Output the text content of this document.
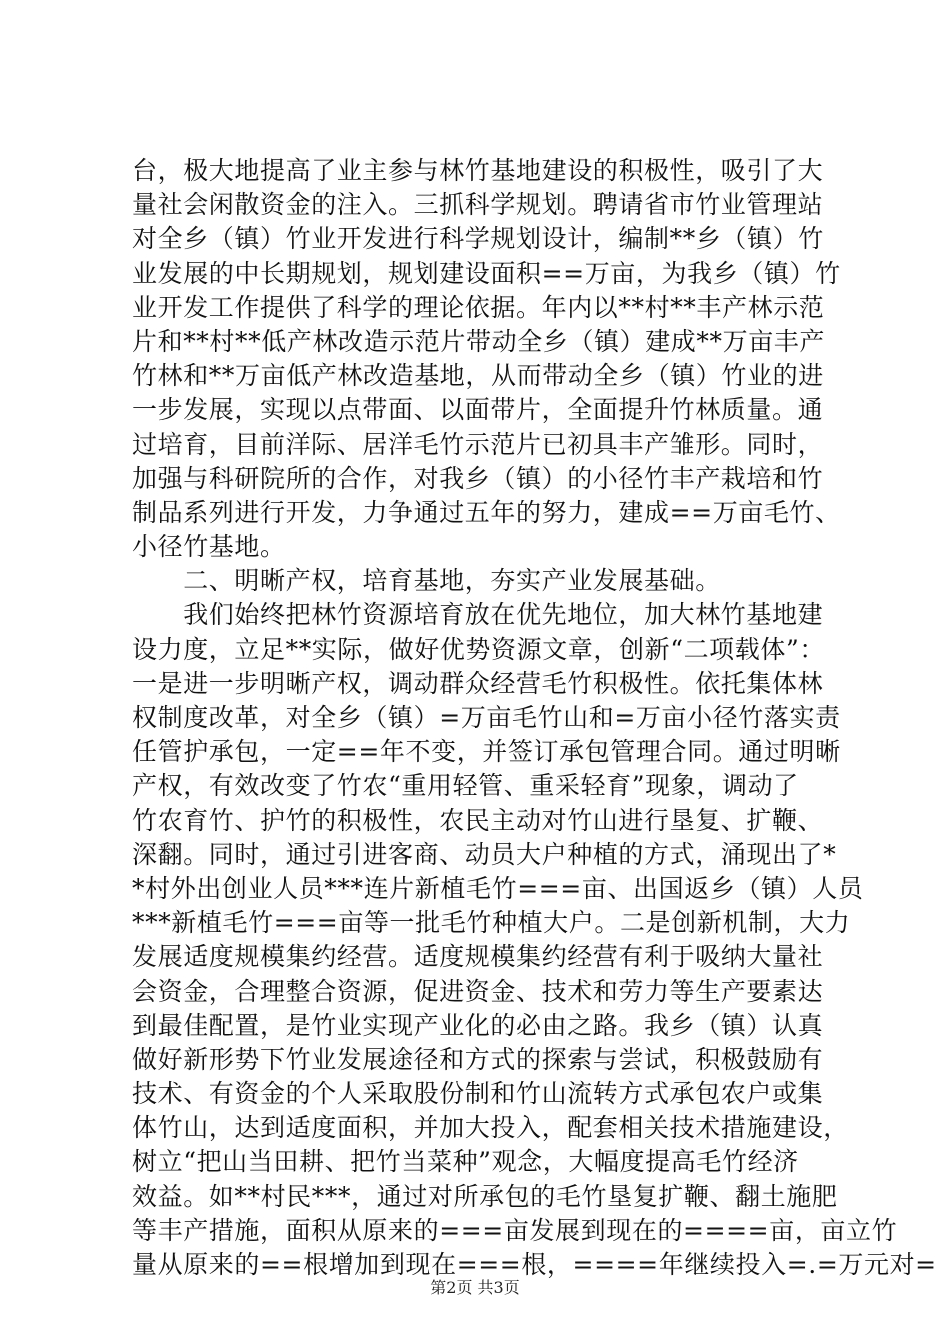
台，极大地提高了业主参与林竹基地建设的积极性，吸引了大
量社会闲散资金的注入。三抓科学规划。聘请省市竹业管理站
对全乡（镇）竹业开发进行科学规划设计，编制**乡（镇）竹
业发展的中长期规划，规划建设面积==万亩，为我乡（镇）竹
业开发工作提供了科学的理论依据。年内以**村**丰产林示范
片和**村**低产林改造示范片带动全乡（镇）建成**万亩丰产
竹林和**万亩低产林改造基地，从而带动全乡（镇）竹业的进
一步发展，实现以点带面、以面带片，全面提升竹林质量。通
过培育，目前洋际、居洋毛竹示范片已初具丰产雏形。同时，
加强与科研院所的合作，对我乡（镇）的小径竹丰产栽培和竹
制品系列进行开发，力争通过五年的努力，建成==万亩毛竹、
小径竹基地。
　　二、明晰产权，培育基地，夯实产业发展基础。
　　我们始终把林竹资源培育放在优先地位，加大林竹基地建
设力度，立足**实际，做好优势资源文章，创新“二项载体”：
一是进一步明晰产权，调动群众经营毛竹积极性。依托集体林
权制度改革，对全乡（镇）=万亩毛竹山和=万亩小径竹落实责
任管护承包，一定==年不变，并签订承包管理合同。通过明晰
产权，有效改变了竹农“重用轻管、重采轻育”现象，调动了
竹农育竹、护竹的积极性，农民主动对竹山进行垦复、扩鞭、
深翻。同时，通过引进客商、动员大户种植的方式，涌现出了*
*村外出创业人员***连片新植毛竹===亩、出国返乡（镇）人员
***新植毛竹===亩等一批毛竹种植大户。二是创新机制，大力
发展适度规模集约经营。适度规模集约经营有利于吸纳大量社
会资金，合理整合资源，促进资金、技术和劳力等生产要素达
到最佳配置，是竹业实现产业化的必由之路。我乡（镇）认真
做好新形势下竹业发展途径和方式的探索与尝试，积极鼓励有
技术、有资金的个人采取股份制和竹山流转方式承包农户或集
体竹山，达到适度面积，并加大投入，配套相关技术措施建设，
树立“把山当田耕、把竹当菜种”观念，大幅度提高毛竹经济
效益。如**村民***，通过对所承包的毛竹垦复扩鞭、翻土施肥
等丰产措施，面积从原来的===亩发展到现在的====亩，亩立竹
量从原来的==根增加到现在===根，====年继续投入=.=万元对=
第2页 共3页
